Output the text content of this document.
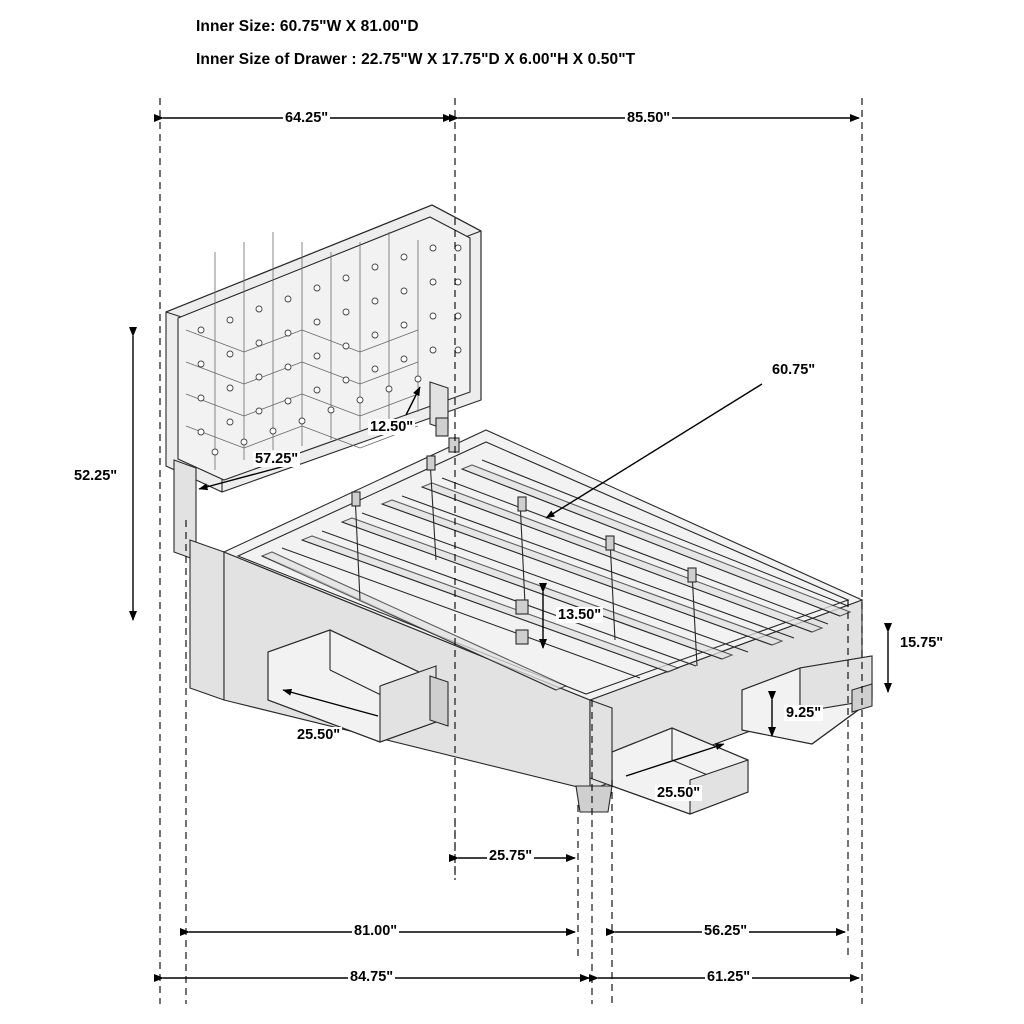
Inner Size: 60.75"W X 81.00"D
Inner Size of Drawer : 22.75"W X 17.75"D X 6.00"H X 0.50"T
64.25"	85.50"
52.25"
57.25"
12.50"
60.75"
13.50"
25.50"
25.50"
15.75"
9.25"
25.75"
81.00"	56.25"
84.75"	61.25"
